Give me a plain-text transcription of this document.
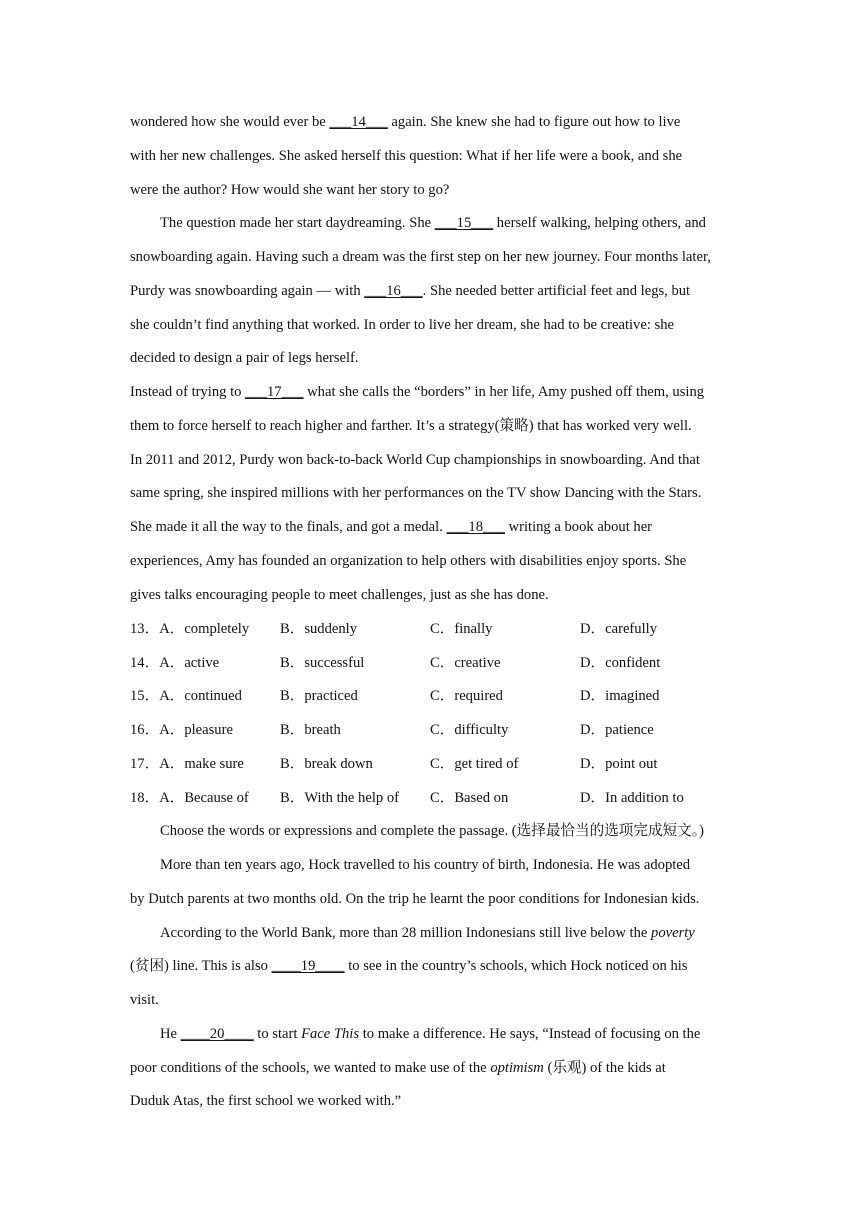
wondered how she would ever be ___14___ again. She knew she had to figure out how to live
with her new challenges. She asked herself this question: What if her life were a book, and she
were the author? How would she want her story to go?
The question made her start daydreaming. She ___15___ herself walking, helping others, and
snowboarding again. Having such a dream was the first step on her new journey. Four months later,
Purdy was snowboarding again — with ___16___. She needed better artificial feet and legs, but
she couldn’t find anything that worked. In order to live her dream, she had to be creative: she
decided to design a pair of legs herself.
Instead of trying to ___17___ what she calls the “borders” in her life, Amy pushed off them, using
them to force herself to reach higher and farther. It’s a strategy(策略) that has worked very well.
In 2011 and 2012, Purdy won back-to-back World Cup championships in snowboarding. And that
same spring, she inspired millions with her performances on the TV show Dancing with the Stars.
She made it all the way to the finals, and got a medal. ___18___ writing a book about her
experiences, Amy has founded an organization to help others with disabilities enjoy sports. She
gives talks encouraging people to meet challenges, just as she has done.
13．A．completely B．suddenly	C．finally	D．carefully
14．A．active	B．successful	C．creative	D．confident
15．A．continued	B．practiced	C．required	D．imagined
16．A．pleasure	B．breath	C．difficulty	D．patience
17．A．make sure B．break down	C．get tired of	D．point out
18．A．Because of B．With the help of C．Based on	D．In addition to
Choose the words or expressions and complete the passage. (选择最恰当的选项完成短文。)
More than ten years ago, Hock travelled to his country of birth, Indonesia. He was adopted
by Dutch parents at two months old. On the trip he learnt the poor conditions for Indonesian kids.
According to the World Bank, more than 28 million Indonesians still live below the poverty
(贫困) line. This is also ____19____ to see in the country’s schools, which Hock noticed on his
visit.
He ____20____ to start Face This to make a difference. He says, “Instead of focusing on the
poor conditions of the schools, we wanted to make use of the optimism (乐观) of the kids at
Duduk Atas, the first school we worked with.”
